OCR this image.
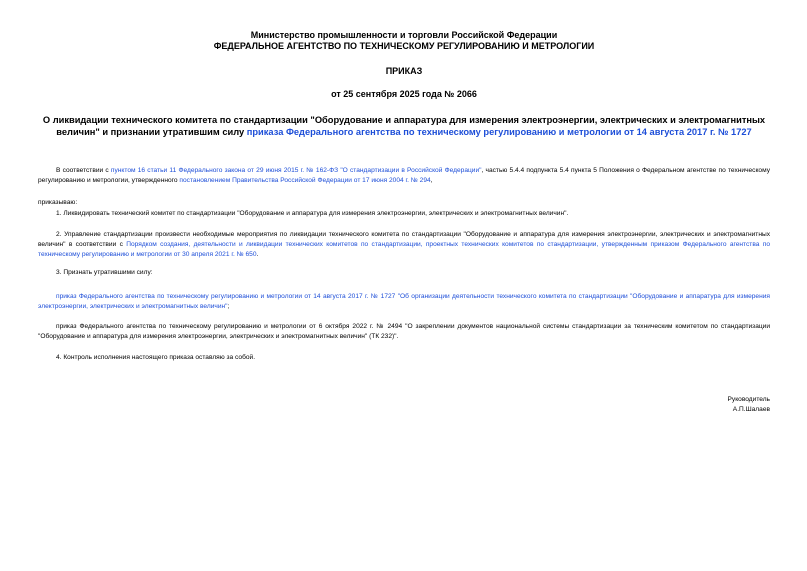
Министерство промышленности и торговли Российской Федерации
ФЕДЕРАЛЬНОЕ АГЕНТСТВО ПО ТЕХНИЧЕСКОМУ РЕГУЛИРОВАНИЮ И МЕТРОЛОГИИ
ПРИКАЗ
от 25 сентября 2025 года № 2066
О ликвидации технического комитета по стандартизации "Оборудование и аппаратура для измерения электроэнергии, электрических и электромагнитных величин" и признании утратившим силу приказа Федерального агентства по техническому регулированию и метрологии от 14 августа 2017 г. № 1727
В соответствии с пунктом 16 статьи 11 Федерального закона от 29 июня 2015 г. № 162-ФЗ "О стандартизации в Российской Федерации", частью 5.4.4 подпункта 5.4 пункта 5 Положения о Федеральном агентстве по техническому регулированию и метрологии, утвержденного постановлением Правительства Российской Федерации от 17 июня 2004 г. № 294,
приказываю:
1. Ликвидировать технический комитет по стандартизации "Оборудование и аппаратура для измерения электроэнергии, электрических и электромагнитных величин".
2. Управление стандартизации произвести необходимые мероприятия по ликвидации технического комитета по стандартизации "Оборудование и аппаратура для измерения электроэнергии, электрических и электромагнитных величин" в соответствии с Порядком создания, деятельности и ликвидации технических комитетов по стандартизации, проектных технических комитетов по стандартизации, утвержденным приказом Федерального агентства по техническому регулированию и метрологии от 30 апреля 2021 г. № 650.
3. Признать утратившими силу:
приказ Федерального агентства по техническому регулированию и метрологии от 14 августа 2017 г. № 1727 "Об организации деятельности технического комитета по стандартизации "Оборудование и аппаратура для измерения электроэнергии, электрических и электромагнитных величин";
приказ Федерального агентства по техническому регулированию и метрологии от 6 октября 2022 г. № 2494 "О закреплении документов национальной системы стандартизации за техническим комитетом по стандартизации "Оборудование и аппаратура для измерения электроэнергии, электрических и электромагнитных величин" (ТК 232)".
4. Контроль исполнения настоящего приказа оставляю за собой.
Руководитель
А.П.Шалаев
